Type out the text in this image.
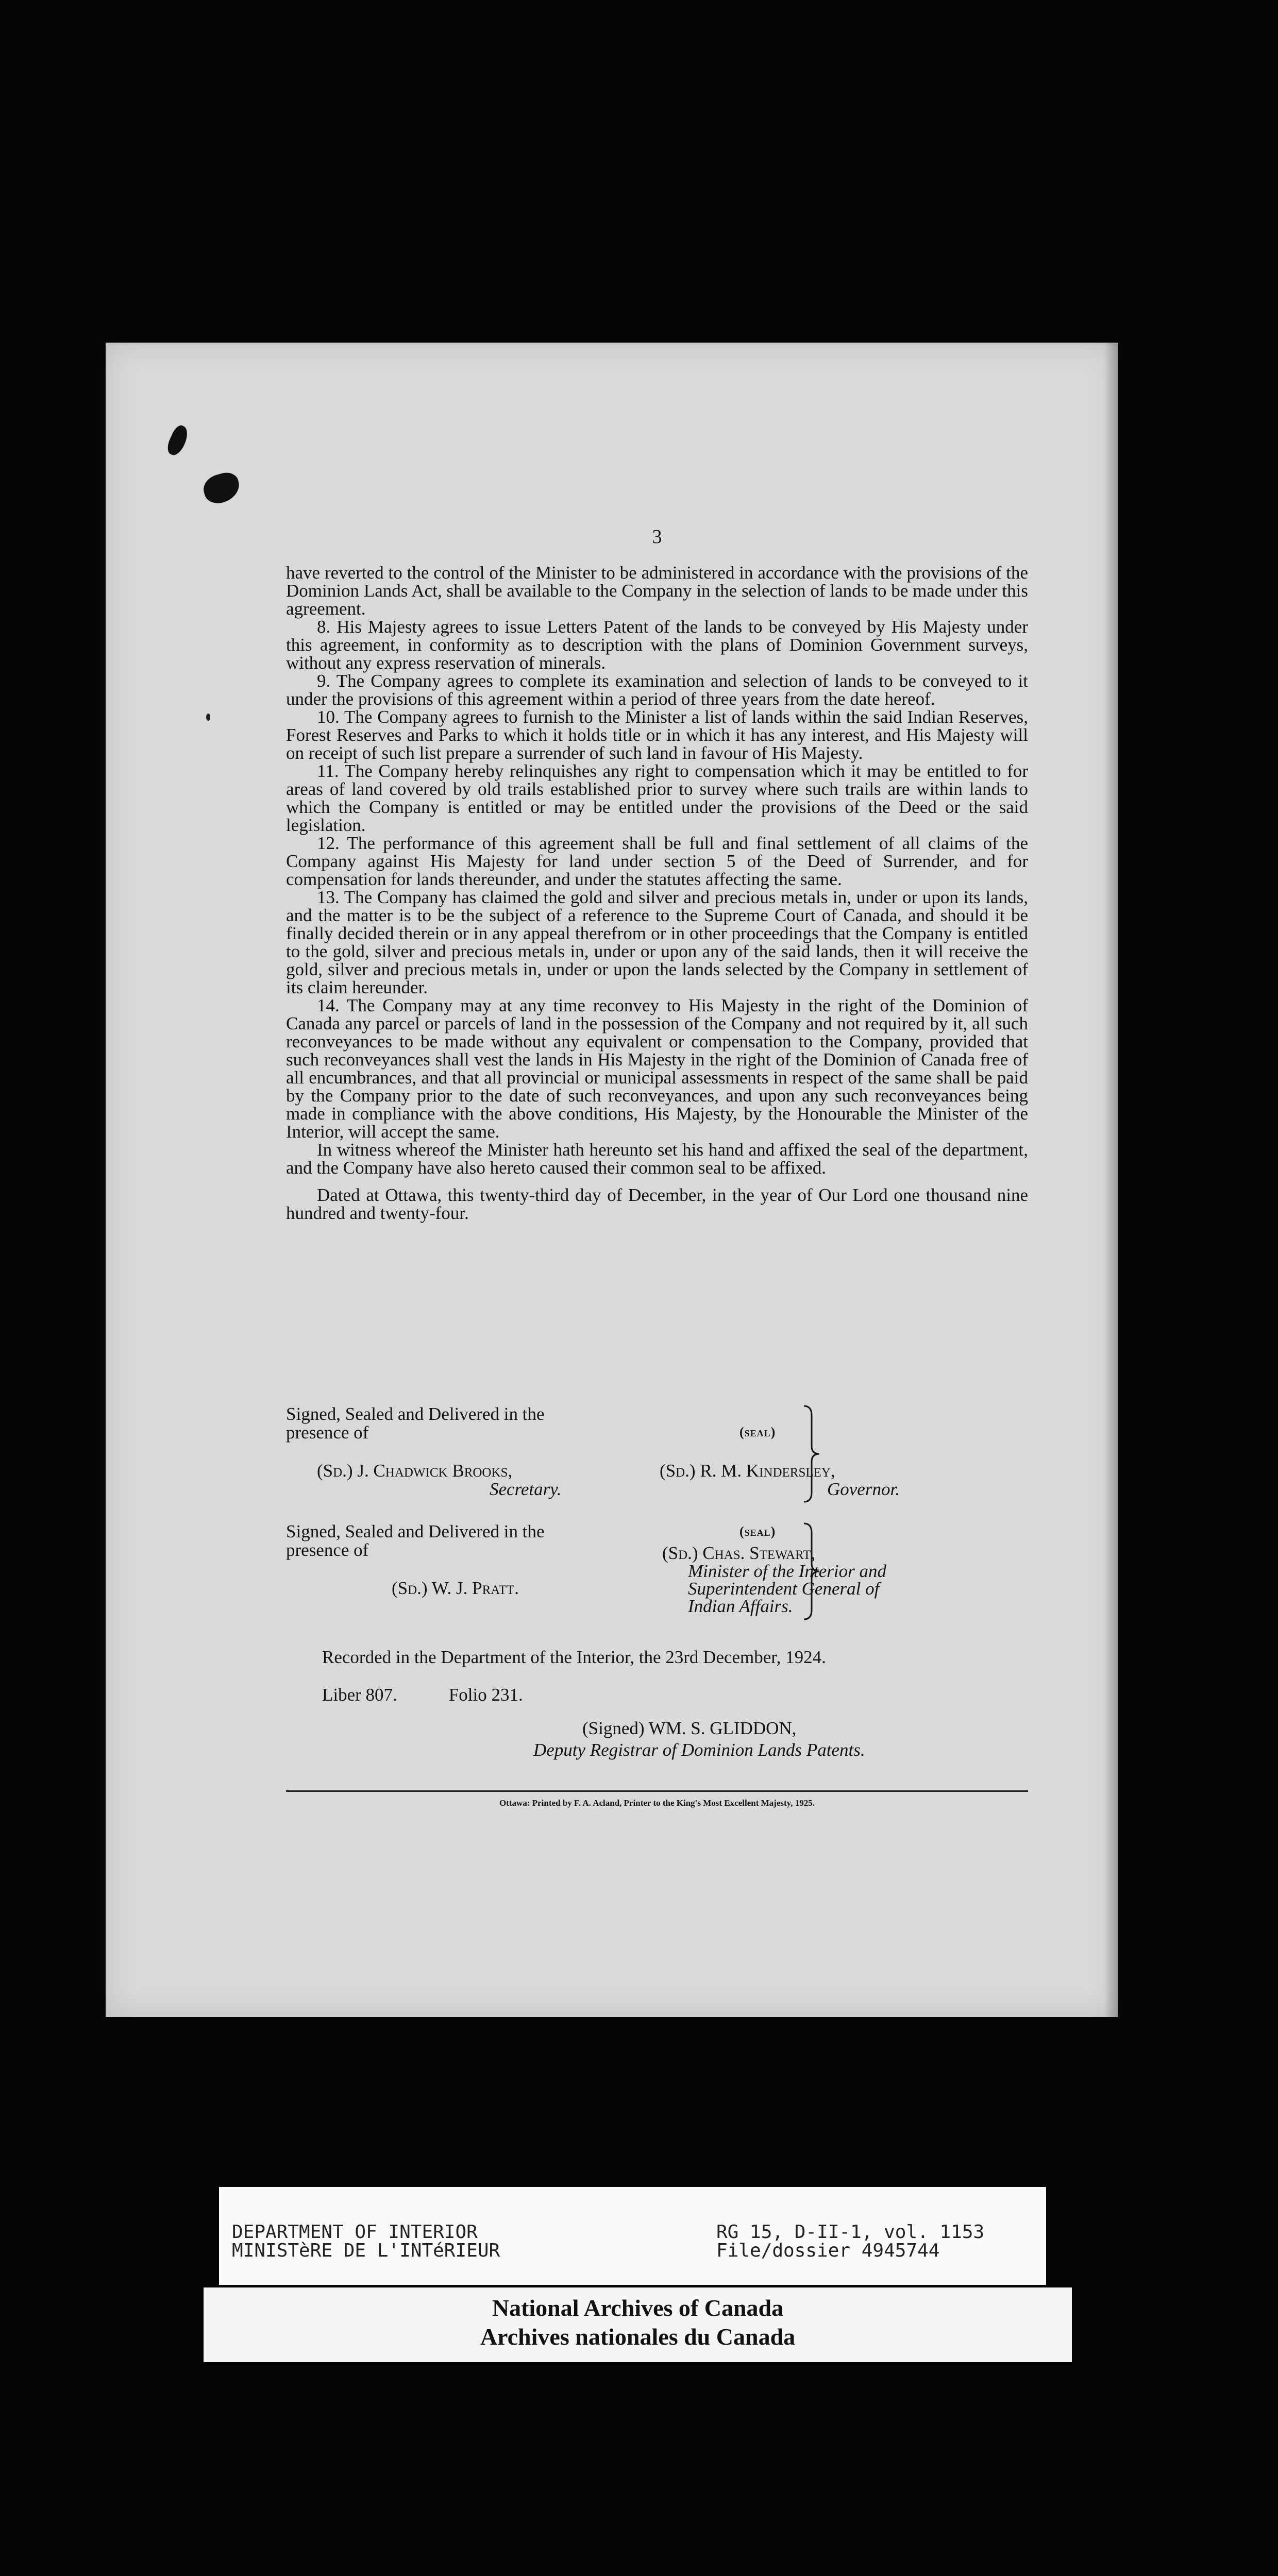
3

have reverted to the control of the Minister to be administered in accordance with the provisions of the Dominion Lands Act, shall be available to the Company in the selection of lands to be made under this agreement.

8. His Majesty agrees to issue Letters Patent of the lands to be conveyed by His Majesty under this agreement, in conformity as to description with the plans of Dominion Government surveys, without any express reservation of minerals.

9. The Company agrees to complete its examination and selection of lands to be conveyed to it under the provisions of this agreement within a period of three years from the date hereof.

10. The Company agrees to furnish to the Minister a list of lands within the said Indian Reserves, Forest Reserves and Parks to which it holds title or in which it has any interest, and His Majesty will on receipt of such list prepare a surrender of such land in favour of His Majesty.

11. The Company hereby relinquishes any right to compensation which it may be entitled to for areas of land covered by old trails established prior to survey where such trails are within lands to which the Company is entitled or may be entitled under the provisions of the Deed or the said legislation.

12. The performance of this agreement shall be full and final settlement of all claims of the Company against His Majesty for land under section 5 of the Deed of Surrender, and for compensation for lands thereunder, and under the statutes affecting the same.

13. The Company has claimed the gold and silver and precious metals in, under or upon its lands, and the matter is to be the subject of a reference to the Supreme Court of Canada, and should it be finally decided therein or in any appeal therefrom or in other proceedings that the Company is entitled to the gold, silver and precious metals in, under or upon any of the said lands, then it will receive the gold, silver and precious metals in, under or upon the lands selected by the Company in settlement of its claim hereunder.

14. The Company may at any time reconvey to His Majesty in the right of the Dominion of Canada any parcel or parcels of land in the possession of the Company and not required by it, all such reconveyances to be made without any equivalent or compensation to the Company, provided that such reconveyances shall vest the lands in His Majesty in the right of the Dominion of Canada free of all encumbrances, and that all provincial or municipal assessments in respect of the same shall be paid by the Company prior to the date of such reconveyances, and upon any such reconveyances being made in compliance with the above conditions, His Majesty, by the Honourable the Minister of the Interior, will accept the same.

In witness whereof the Minister hath hereunto set his hand and affixed the seal of the department, and the Company have also hereto caused their common seal to be affixed.

Dated at Ottawa, this twenty-third day of December, in the year of Our Lord one thousand nine hundred and twenty-four.

Signed, Sealed and Delivered in the presence of
(Sd.) J. Chadwick Brooks,
Secretary.
(seal)
(Sd.) R. M. Kindersley,
Governor.
Signed, Sealed and Delivered in the presence of
(Sd.) W. J. Pratt.
(seal)
(Sd.) Chas. Stewart,
Minister of the Interior and Superintendent General of Indian Affairs.
Recorded in the Department of the Interior, the 23rd December, 1924.
Liber 807.	Folio 231.
(Signed) WM. S. GLIDDON,
Deputy Registrar of Dominion Lands Patents.
Ottawa: Printed by F. A. Acland, Printer to the King's Most Excellent Majesty, 1925.
DEPARTMENT OF INTERIOR
MINISTèRE DE L'INTéRIEUR
RG 15, D-II-1, vol. 1153
File/dossier 4945744
National Archives of Canada
Archives nationales du Canada
